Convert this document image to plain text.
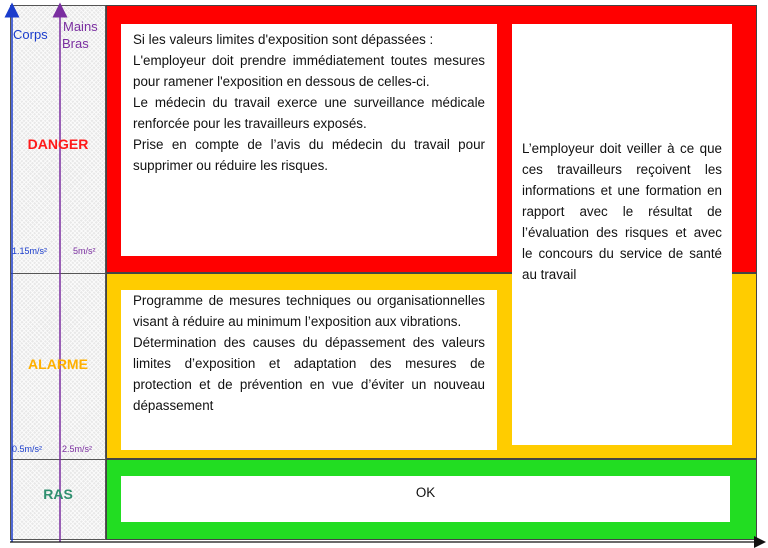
Corps
Mains
Bras
1.15m/s²	5m/s²
0.5m/s² 2.5m/s²
DANGER
ALARME
RAS

Si les valeurs limites d'exposition sont dépassées :

L'employeur doit prendre immédiatement toutes mesures pour ramener l'exposition en dessous de celles-ci.

Le médecin du travail exerce une surveillance médicale renforcée pour les travailleurs exposés.

Prise en compte de l’avis du médecin du travail pour supprimer ou réduire les risques.

L’employeur doit veiller à ce que ces travailleurs reçoivent les informations et une formation en rapport avec le résultat de l’évaluation des risques et avec le concours du service de santé au travail

Programme de mesures techniques ou organisationnelles visant à réduire au minimum l’exposition aux vibrations.

Détermination des causes du dépassement des valeurs limites d’exposition et adaptation des mesures de protection et de prévention en vue d’éviter un nouveau dépassement

OK
